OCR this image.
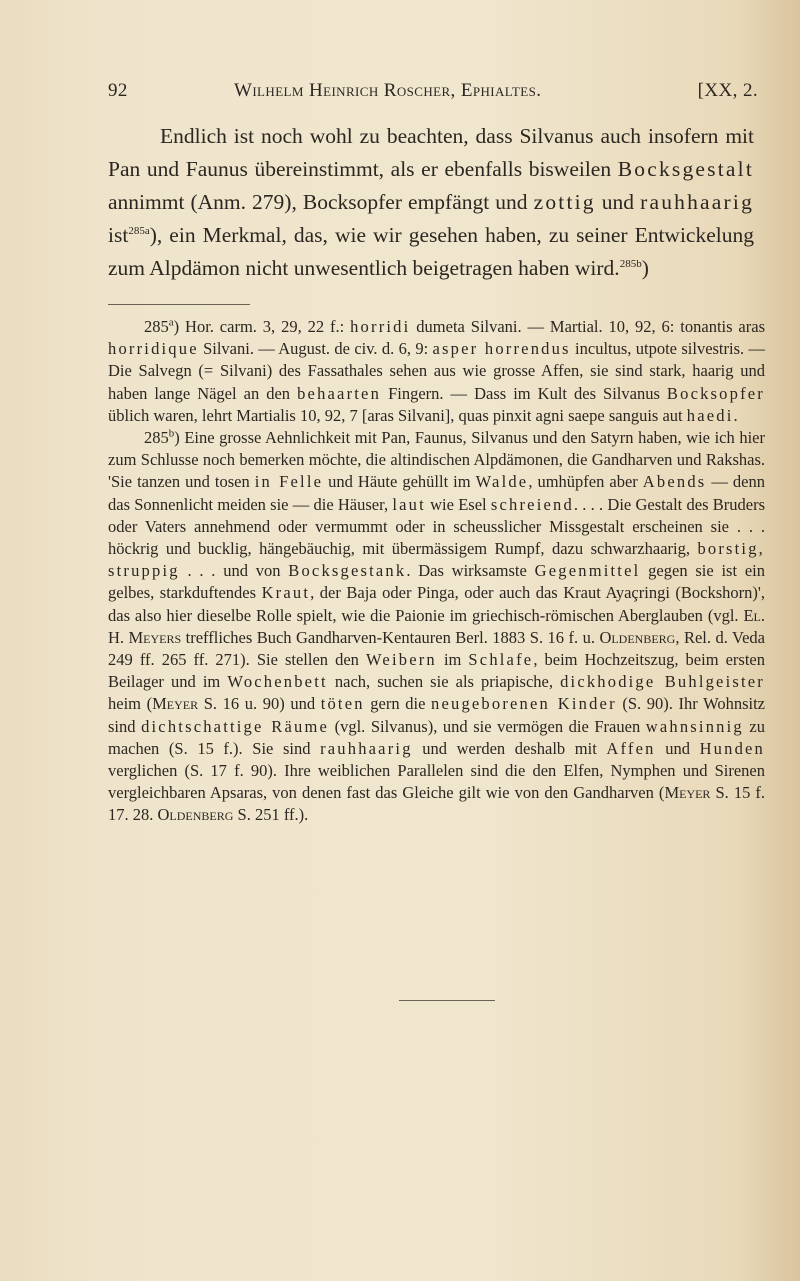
92	Wilhelm Heinrich Roscher, Ephialtes.	[XX, 2.

Endlich ist noch wohl zu beachten, dass Silvanus auch insofern mit Pan und Faunus übereinstimmt, als er ebenfalls bisweilen Bocksgestalt annimmt (Anm. 279), Bocksopfer empfängt und zottig und rauhhaarig ist$^{285a}$), ein Merkmal, das, wie wir gesehen haben, zu seiner Entwickelung zum Alpdämon nicht unwesentlich beigetragen haben wird.$^{285b}$)

285$^a$) Hor. carm. 3, 29, 22 f.: horridi dumeta Silvani. — Martial. 10, 92, 6: tonantis aras horridique Silvani. — August. de civ. d. 6, 9: asper horrendus incultus, utpote silvestris. — Die Salvegn (= Silvani) des Fassathales sehen aus wie grosse Affen, sie sind stark, haarig und haben lange Nägel an den behaarten Fingern. — Dass im Kult des Silvanus Bocksopfer üblich waren, lehrt Martialis 10, 92, 7 [aras Silvani], quas pinxit agni saepe sanguis aut haedi.

285$^b$) Eine grosse Aehnlichkeit mit Pan, Faunus, Silvanus und den Satyrn haben, wie ich hier zum Schlusse noch bemerken möchte, die altindischen Alpdämonen, die Gandharven und Rakshas. 'Sie tanzen und tosen in Felle und Häute gehüllt im Walde, umhüpfen aber Abends — denn das Sonnenlicht meiden sie — die Häuser, laut wie Esel schreiend. . . . Die Gestalt des Bruders oder Vaters annehmend oder vermummt oder in scheusslicher Missgestalt erscheinen sie . . . höckrig und bucklig, hängebäuchig, mit übermässigem Rumpf, dazu schwarzhaarig, borstig, struppig . . . und von Bocksgestank. Das wirksamste Gegenmittel gegen sie ist ein gelbes, starkduftendes Kraut, der Baja oder Pinga, oder auch das Kraut Ayaçringi (Bockshorn)', das also hier dieselbe Rolle spielt, wie die Paionie im griechisch-römischen Aberglauben (vgl. El. H. Meyers treffliches Buch Gandharven-Kentauren Berl. 1883 S. 16 f. u. Oldenberg, Rel. d. Veda 249 ff. 265 ff. 271). Sie stellen den Weibern im Schlafe, beim Hochzeitszug, beim ersten Beilager und im Wochenbett nach, suchen sie als priapische, dickhodige Buhlgeister heim (Meyer S. 16 u. 90) und töten gern die neugeborenen Kinder (S. 90). Ihr Wohnsitz sind dichtschattige Räume (vgl. Silvanus), und sie vermögen die Frauen wahnsinnig zu machen (S. 15 f.). Sie sind rauhhaarig und werden deshalb mit Affen und Hunden verglichen (S. 17 f. 90). Ihre weiblichen Parallelen sind die den Elfen, Nymphen und Sirenen vergleichbaren Apsaras, von denen fast das Gleiche gilt wie von den Gandharven (Meyer S. 15 f. 17. 28. Oldenberg S. 251 ff.).
